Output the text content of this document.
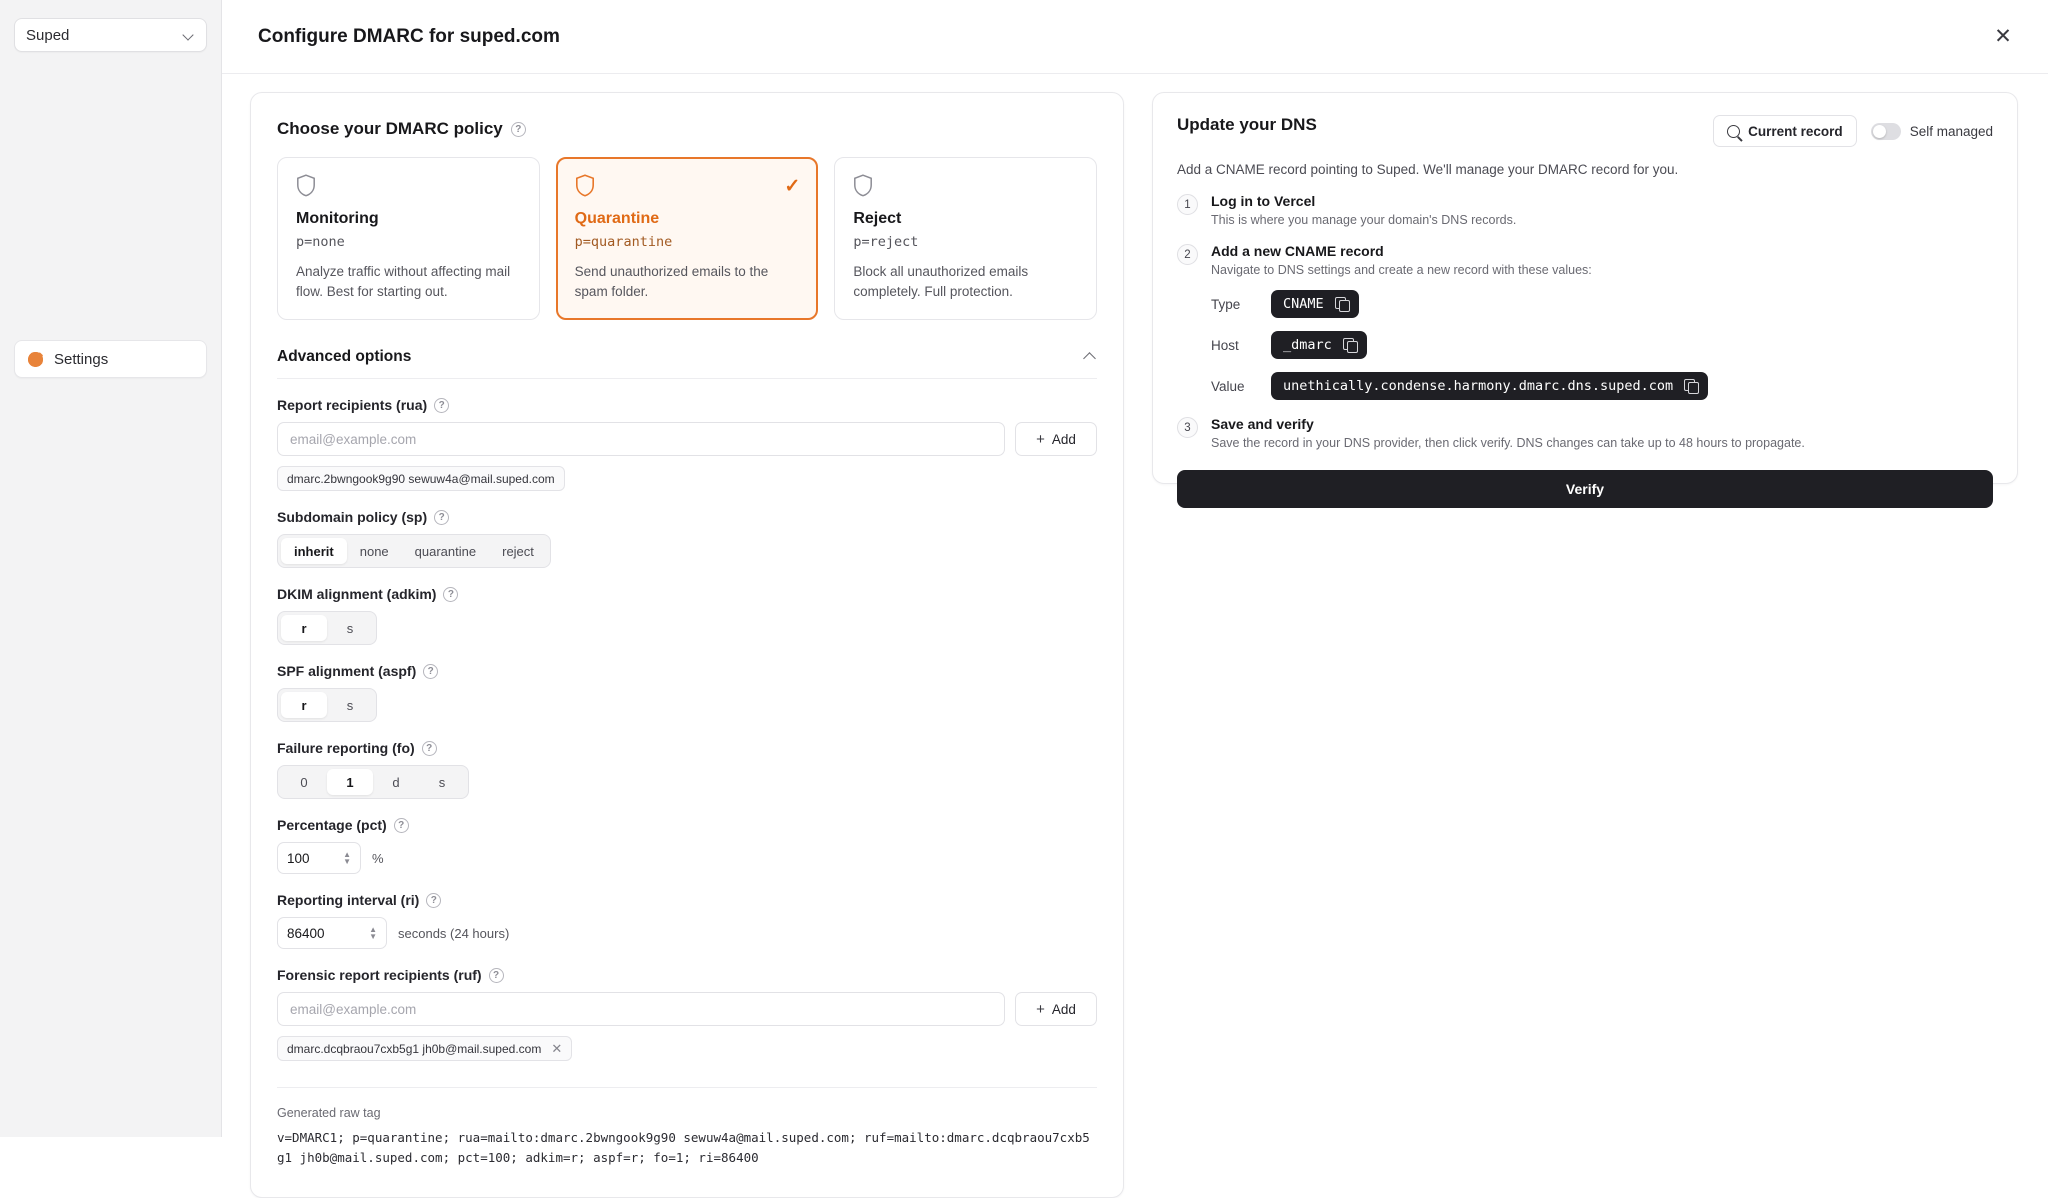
Suped
Settings
Configure DMARC for suped.com	✕
Choose your DMARC policy	?
Monitoring
p=none
Analyze traffic without affecting mail flow. Best for starting out.
✓
Quarantine
p=quarantine
Send unauthorized emails to the spam folder.
Reject
p=reject
Block all unauthorized emails completely. Full protection.
Advanced options
Report recipients (rua)	?
email@example.com
+ Add
dmarc.2bwngook9g90 sewuw4a@mail.suped.com
Subdomain policy (sp)	?
inherit	none	quarantine	reject
DKIM alignment (adkim)	?
r	s
SPF alignment (aspf)	?
r	s
Failure reporting (fo)	?
0	1	d	s
Percentage (pct)	?
100	▲
▼ %
Reporting interval (ri)	?
86400	▲
▼ seconds (24 hours)
Forensic report recipients (ruf)	?
email@example.com
+ Add
dmarc.dcqbraou7cxb5g1 jh0b@mail.suped.com ✕
Generated raw tag
v=DMARC1; p=quarantine; rua=mailto:dmarc.2bwngook9g90 sewuw4a@mail.suped.com; ruf=mailto:dmarc.dcqbraou7cxb5g1 jh0b@mail.suped.com; pct=100; adkim=r; aspf=r; fo=1; ri=86400
Update your DNS	Current record	Self managed
Add a CNAME record pointing to Suped. We'll manage your DMARC record for you.
1	Log in to Vercel
This is where you manage your domain's DNS records.
2	Add a new CNAME record
Navigate to DNS settings and create a new record with these values:
Type	CNAME
Host	_dmarc
Value	unethically.condense.harmony.dmarc.dns.suped.com
3	Save and verify
Save the record in your DNS provider, then click verify. DNS changes can take up to 48 hours to propagate.
Verify
